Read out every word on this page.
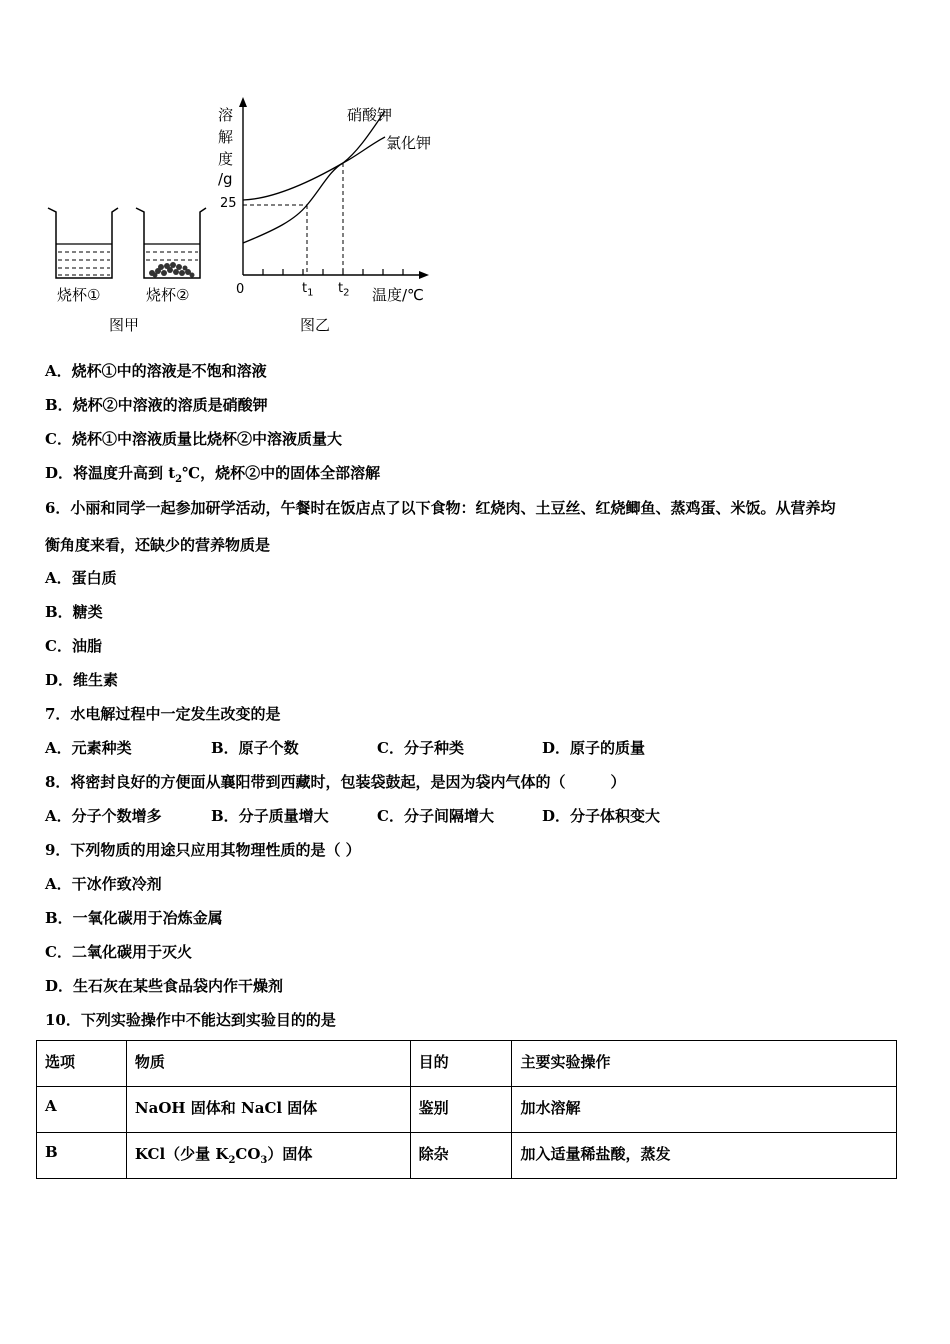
烧杯①	烧杯②
图甲
溶
解
度
/g
25
0	$t_1$ $t_2$ 温度/℃
硝酸钾
氯化钾
图乙
A．烧杯①中的溶液是不饱和溶液
B．烧杯②中溶液的溶质是硝酸钾
C．烧杯①中溶液质量比烧杯②中溶液质量大
D．将温度升高到 $t_2℃$，烧杯②中的固体全部溶解
6．小丽和同学一起参加研学活动，午餐时在饭店点了以下食物：红烧肉、土豆丝、红烧鲫鱼、蒸鸡蛋、米饭。从营养均
衡角度来看，还缺少的营养物质是
A．蛋白质
B．糖类
C．油脂
D．维生素
7．水电解过程中一定发生改变的是
A．元素种类	B．原子个数	C．分子种类	D．原子的质量
8．将密封良好的方便面从襄阳带到西藏时，包装袋鼓起，是因为袋内气体的（　　　）
A．分子个数增多	B．分子质量增大	C．分子间隔增大	D．分子体积变大
9．下列物质的用途只应用其物理性质的是（ ）
A．干冰作致冷剂
B．一氧化碳用于冶炼金属
C．二氧化碳用于灭火
D．生石灰在某些食品袋内作干燥剂
10．下列实验操作中不能达到实验目的的是
选项	物质	目的	主要实验操作
A	NaOH 固体和 NaCl 固体	鉴别	加水溶解
B	KCl（少量 $K_2CO_3$）固体	除杂	加入适量稀盐酸，蒸发
